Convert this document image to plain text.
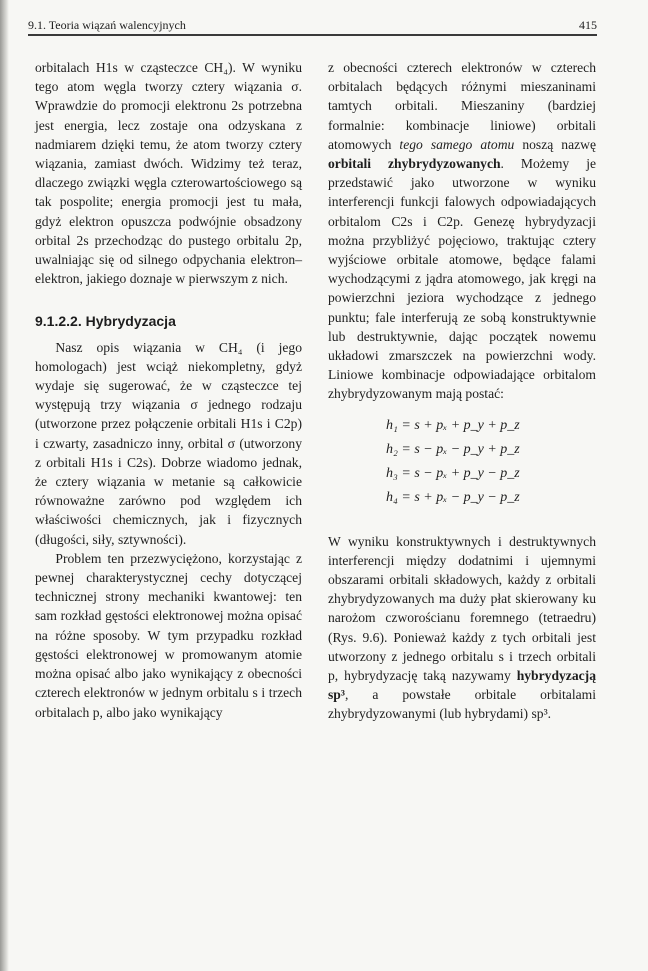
9.1. Teoria wiązań walencyjnych	415

orbitalach H1s w cząsteczce CH₄). W wyniku tego atom węgla tworzy cztery wiązania σ. Wprawdzie do promocji elektronu 2s potrzebna jest energia, lecz zostaje ona odzyskana z nadmiarem dzięki temu, że atom tworzy cztery wiązania, zamiast dwóch. Widzimy też teraz, dlaczego związki węgla czterowartościowego są tak pospolite; energia promocji jest tu mała, gdyż elektron opuszcza podwójnie obsadzony orbital 2s przechodząc do pustego orbitalu 2p, uwalniając się od silnego odpychania elektron–elektron, jakiego doznaje w pierwszym z nich.

9.1.2.2. Hybrydyzacja

Nasz opis wiązania w CH₄ (i jego homologach) jest wciąż niekompletny, gdyż wydaje się sugerować, że w cząsteczce tej występują trzy wiązania σ jednego rodzaju (utworzone przez połączenie orbitali H1s i C2p) i czwarty, zasadniczo inny, orbital σ (utworzony z orbitali H1s i C2s). Dobrze wiadomo jednak, że cztery wiązania w metanie są całkowicie równoważne zarówno pod względem ich właściwości chemicznych, jak i fizycznych (długości, siły, sztywności).

Problem ten przezwyciężono, korzystając z pewnej charakterystycznej cechy dotyczącej technicznej strony mechaniki kwantowej: ten sam rozkład gęstości elektronowej można opisać na różne sposoby. W tym przypadku rozkład gęstości elektronowej w promowanym atomie można opisać albo jako wynikający z obecności czterech elektronów w jednym orbitalu s i trzech orbitalach p, albo jako wynikający

z obecności czterech elektronów w czterech orbitalach będących różnymi mieszaninami tamtych orbitali. Mieszaniny (bardziej formalnie: kombinacje liniowe) orbitali atomowych tego samego atomu noszą nazwę orbitali zhybrydyzowanych. Możemy je przedstawić jako utworzone w wyniku interferencji funkcji falowych odpowiadających orbitalom C2s i C2p. Genezę hybrydyzacji można przybliżyć pojęciowo, traktując cztery wyjściowe orbitale atomowe, będące falami wychodzącymi z jądra atomowego, jak kręgi na powierzchni jeziora wychodzące z jednego punktu; fale interferują ze sobą konstruktywnie lub destruktywnie, dając początek nowemu układowi zmarszczek na powierzchni wody. Liniowe kombinacje odpowiadające orbitalom zhybrydyzowanym mają postać:

h₁ = s + pₓ + p_y + p_z
h₂ = s − pₓ − p_y + p_z
h₃ = s − pₓ + p_y − p_z
h₄ = s + pₓ − p_y − p_z

W wyniku konstruktywnych i destruktywnych interferencji między dodatnimi i ujemnymi obszarami orbitali składowych, każdy z orbitali zhybrydyzowanych ma duży płat skierowany ku narożom czworościanu foremnego (tetraedru) (Rys. 9.6). Ponieważ każdy z tych orbitali jest utworzony z jednego orbitalu s i trzech orbitali p, hybrydyzację taką nazywamy hybrydyzacją sp³, a powstałe orbitale orbitalami zhybrydyzowanymi (lub hybrydami) sp³.
